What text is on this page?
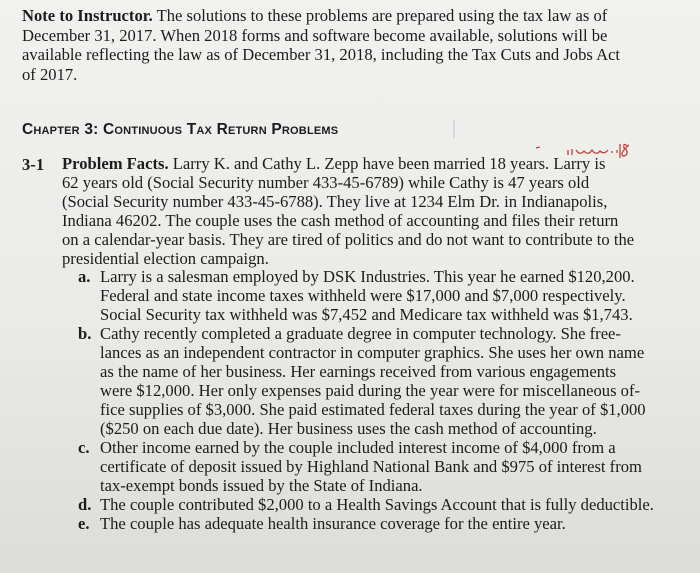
Note to Instructor. The solutions to these problems are prepared using the tax law as of
December 31, 2017. When 2018 forms and software become available, solutions will be
available reflecting the law as of December 31, 2018, including the Tax Cuts and Jobs Act
of 2017.
Chapter 3: Continuous Tax Return Problems
3-1 Problem Facts. Larry K. and Cathy L. Zepp have been married 18 years. Larry is
62 years old (Social Security number 433-45-6789) while Cathy is 47 years old
(Social Security number 433-45-6788). They live at 1234 Elm Dr. in Indianapolis,
Indiana 46202. The couple uses the cash method of accounting and files their return
on a calendar-year basis. They are tired of politics and do not want to contribute to the
presidential election campaign.
a. Larry is a salesman employed by DSK Industries. This year he earned $120,200.
Federal and state income taxes withheld were $17,000 and $7,000 respectively.
Social Security tax withheld was $7,452 and Medicare tax withheld was $1,743.
b. Cathy recently completed a graduate degree in computer technology. She free-
lances as an independent contractor in computer graphics. She uses her own name
as the name of her business. Her earnings received from various engagements
were $12,000. Her only expenses paid during the year were for miscellaneous of-
fice supplies of $3,000. She paid estimated federal taxes during the year of $1,000
($250 on each due date). Her business uses the cash method of accounting.
c. Other income earned by the couple included interest income of $4,000 from a
certificate of deposit issued by Highland National Bank and $975 of interest from
tax-exempt bonds issued by the State of Indiana.
d. The couple contributed $2,000 to a Health Savings Account that is fully deductible.
e. The couple has adequate health insurance coverage for the entire year.
